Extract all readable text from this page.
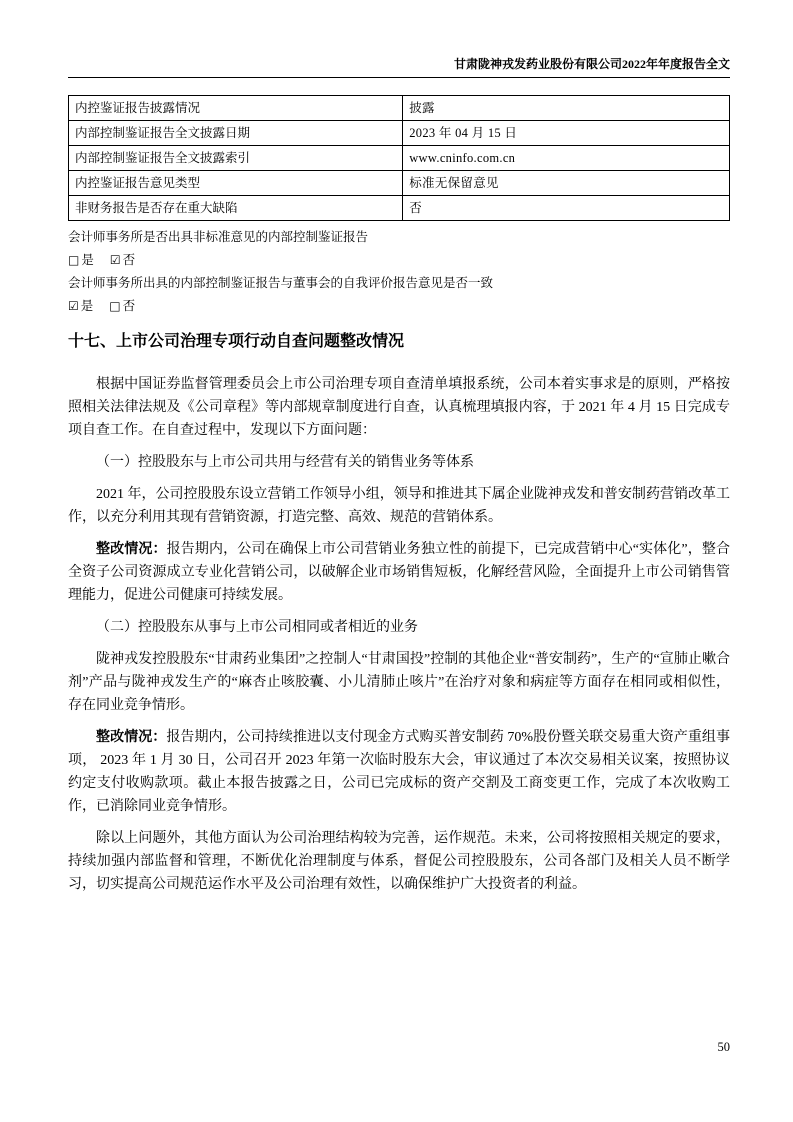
甘肃陇神戎发药业股份有限公司2022年年度报告全文
内控鉴证报告披露情况	披露
内部控制鉴证报告全文披露日期	2023 年 04 月 15 日
内部控制鉴证报告全文披露索引	www.cninfo.com.cn
内控鉴证报告意见类型	标准无保留意见
非财务报告是否存在重大缺陷	否
会计师事务所是否出具非标准意见的内部控制鉴证报告
□ 是 ☑ 否
会计师事务所出具的内部控制鉴证报告与董事会的自我评价报告意见是否一致
☑ 是 □ 否
十七、上市公司治理专项行动自查问题整改情况
根据中国证券监督管理委员会上市公司治理专项自查清单填报系统，公司本着实事求是的原则，严格按照相关法律法规及《公司章程》等内部规章制度进行自查，认真梳理填报内容，于 2021 年 4 月 15 日完成专项自查工作。在自查过程中，发现以下方面问题：
（一）控股股东与上市公司共用与经营有关的销售业务等体系
2021 年，公司控股股东设立营销工作领导小组，领导和推进其下属企业陇神戎发和普安制药营销改革工作，以充分利用其现有营销资源，打造完整、高效、规范的营销体系。
整改情况：报告期内，公司在确保上市公司营销业务独立性的前提下，已完成营销中心“实体化”，整合全资子公司资源成立专业化营销公司，以破解企业市场销售短板，化解经营风险，全面提升上市公司销售管理能力，促进公司健康可持续发展。
（二）控股股东从事与上市公司相同或者相近的业务
陇神戎发控股股东“甘肃药业集团”之控制人“甘肃国投”控制的其他企业“普安制药”，生产的“宣肺止嗽合剂”产品与陇神戎发生产的“麻杏止咳胶囊、小儿清肺止咳片”在治疗对象和病症等方面存在相同或相似性，存在同业竞争情形。
整改情况：报告期内，公司持续推进以支付现金方式购买普安制药 70%股份暨关联交易重大资产重组事项， 2023 年 1 月 30 日，公司召开 2023 年第一次临时股东大会，审议通过了本次交易相关议案，按照协议约定支付收购款项。截止本报告披露之日，公司已完成标的资产交割及工商变更工作，完成了本次收购工作，已消除同业竞争情形。
除以上问题外，其他方面认为公司治理结构较为完善，运作规范。未来，公司将按照相关规定的要求，持续加强内部监督和管理，不断优化治理制度与体系，督促公司控股股东，公司各部门及相关人员不断学习，切实提高公司规范运作水平及公司治理有效性，以确保维护广大投资者的利益。
50
